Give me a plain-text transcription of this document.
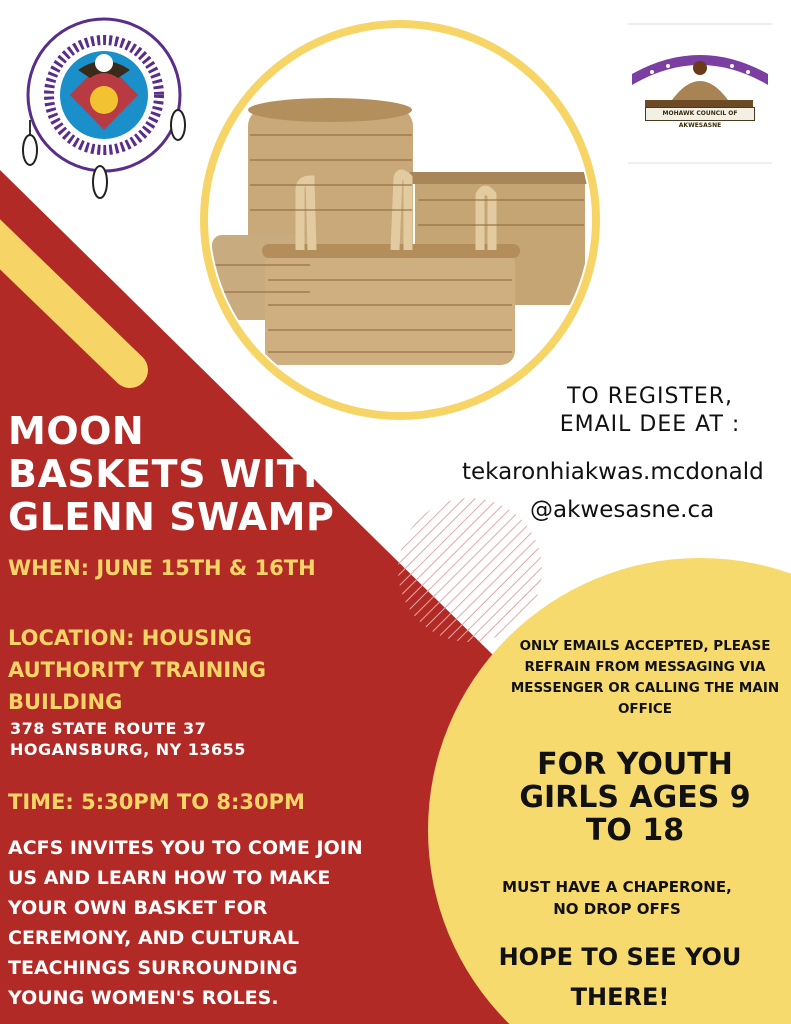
MOHAWK COUNCIL OF AKWESASNE
MOON
BASKETS WITH
GLENN SWAMP
WHEN: JUNE 15TH & 16TH
LOCATION: HOUSING
AUTHORITY TRAINING
BUILDING
378 STATE ROUTE 37
HOGANSBURG, NY 13655
TIME: 5:30PM TO 8:30PM
ACFS INVITES YOU TO COME JOIN
US AND LEARN HOW TO MAKE
YOUR OWN BASKET FOR
CEREMONY, AND CULTURAL
TEACHINGS SURROUNDING
YOUNG WOMEN'S ROLES.
TO REGISTER,
EMAIL DEE AT :
tekaronhiakwas.mcdonald
@akwesasne.ca
ONLY EMAILS ACCEPTED, PLEASE
REFRAIN FROM MESSAGING VIA
MESSENGER OR CALLING THE MAIN
OFFICE
FOR YOUTH
GIRLS AGES 9
TO 18
MUST HAVE A CHAPERONE,
NO DROP OFFS
HOPE TO SEE YOU
THERE!
